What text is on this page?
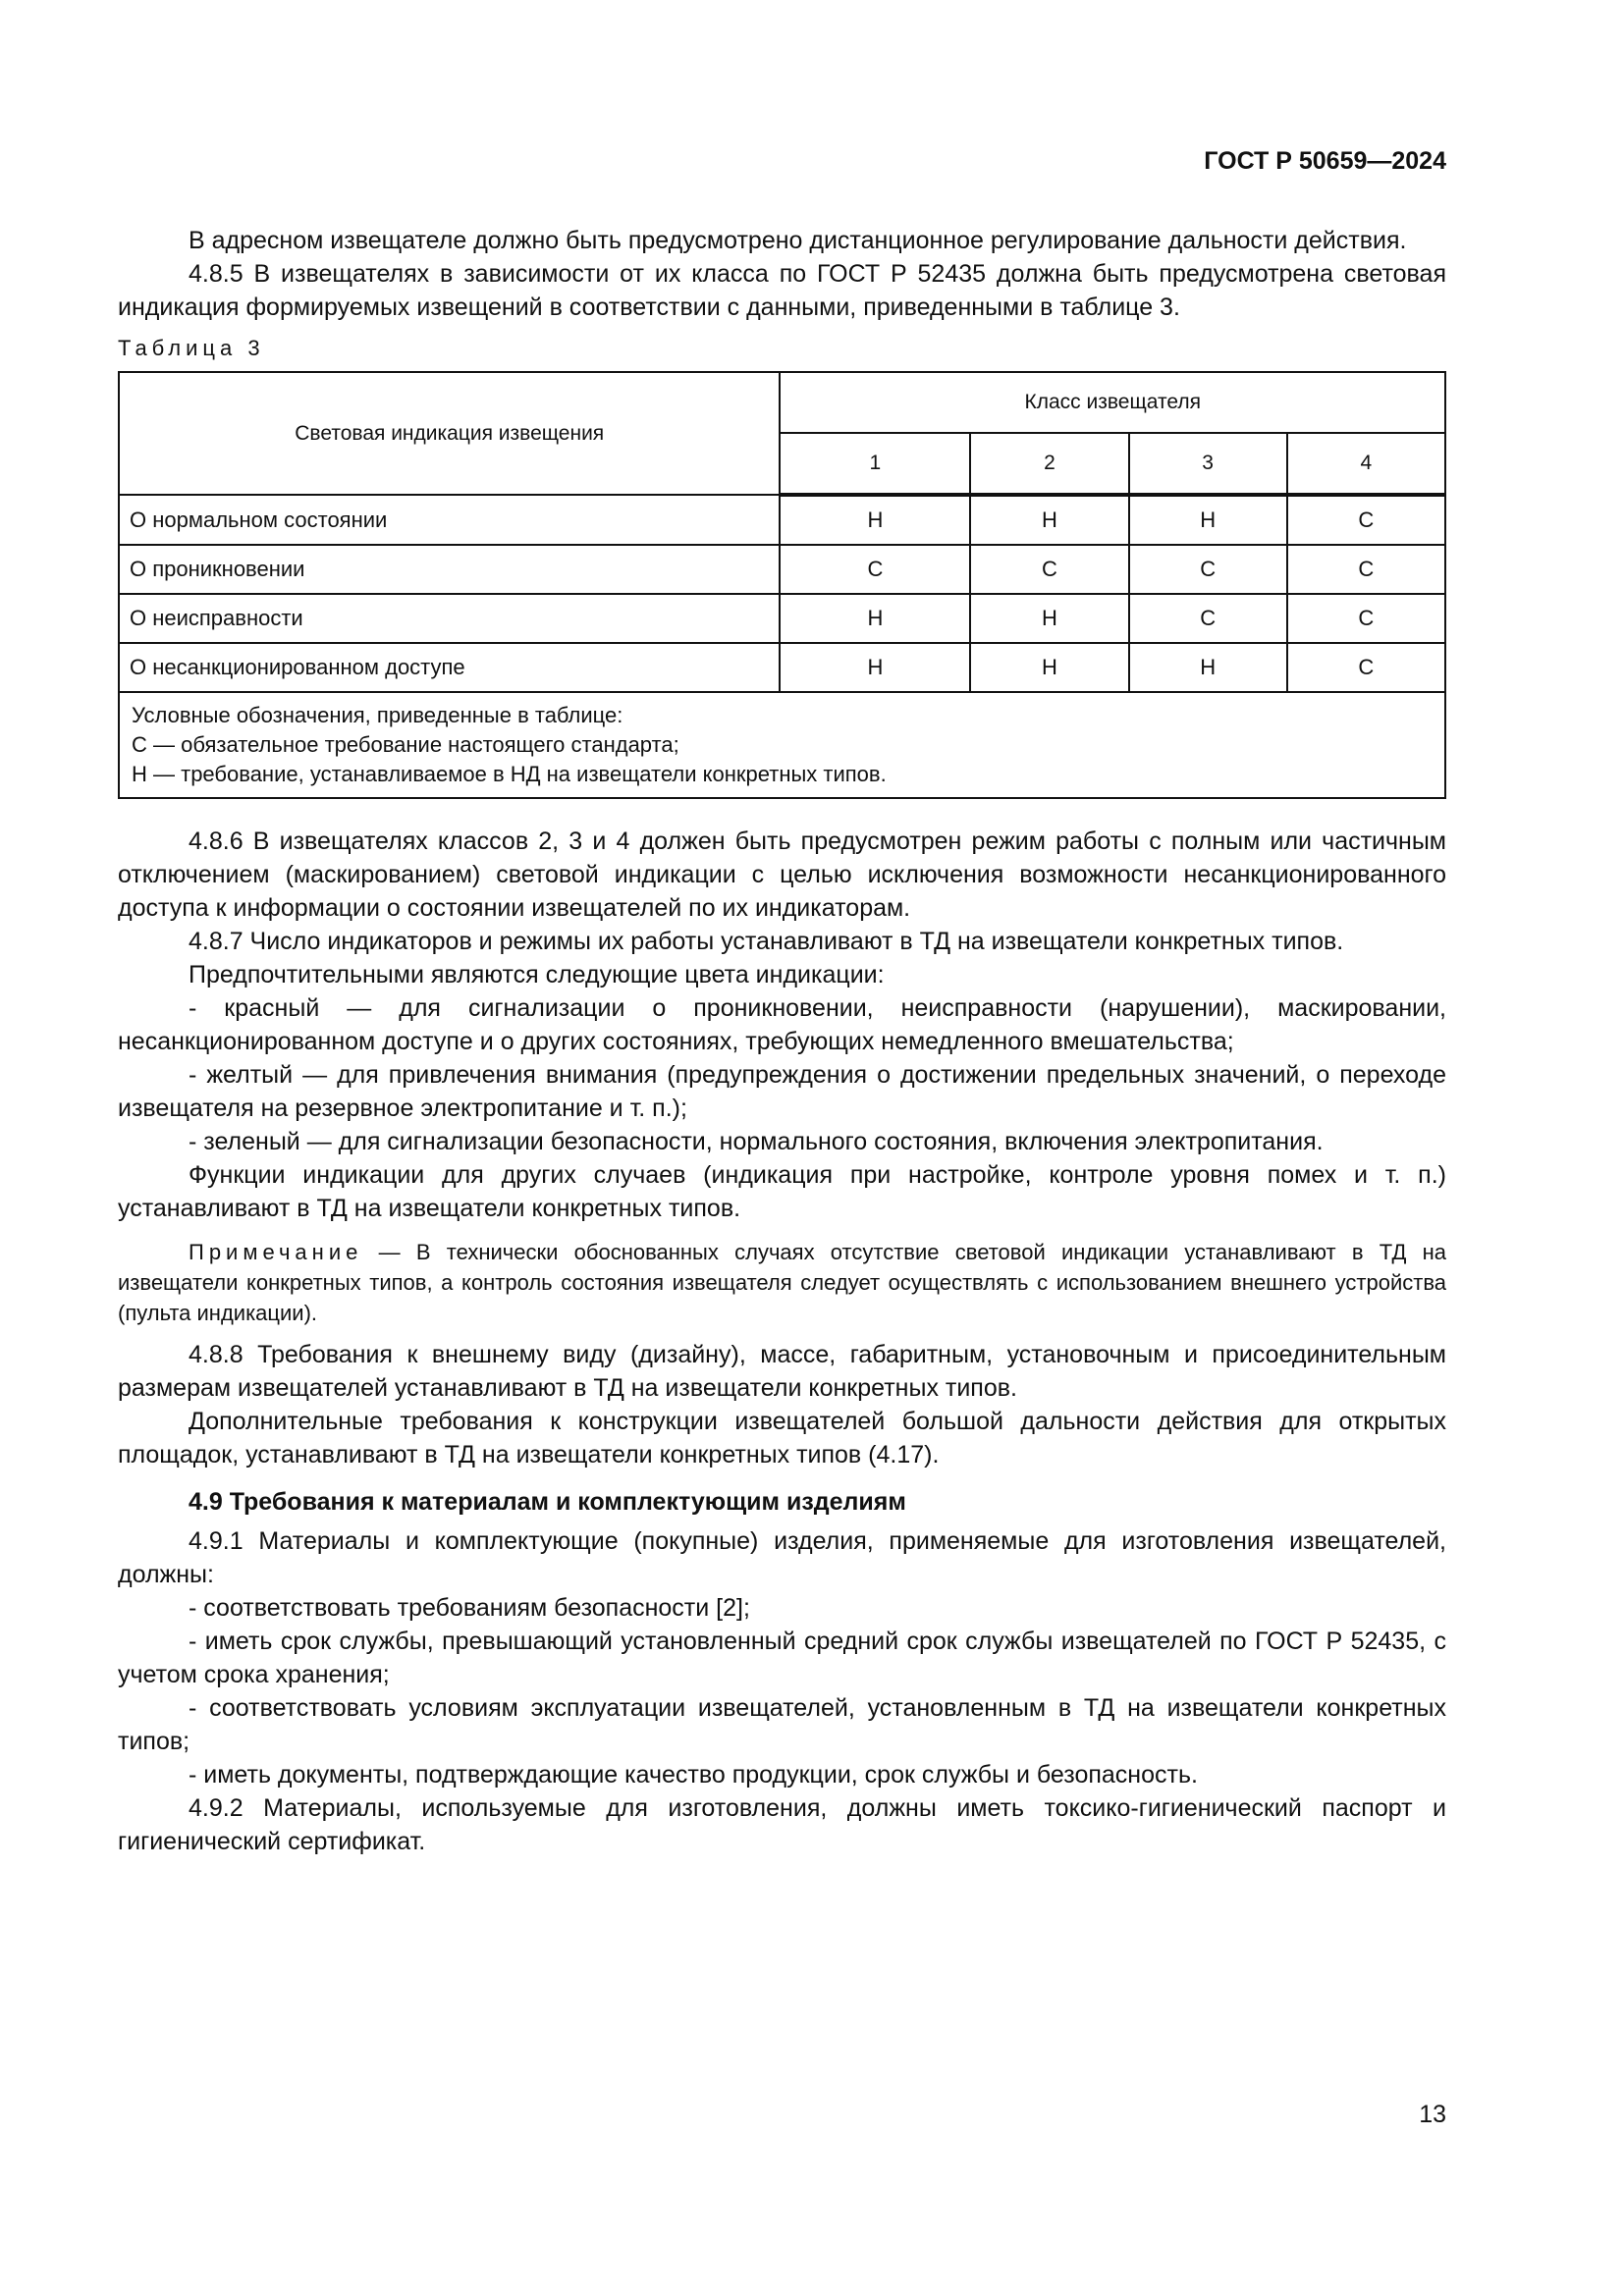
ГОСТ Р 50659—2024

В адресном извещателе должно быть предусмотрено дистанционное регулирование дальности действия.

4.8.5 В извещателях в зависимости от их класса по ГОСТ Р 52435 должна быть предусмотрена световая индикация формируемых извещений в соответствии с данными, приведенными в таблице 3.

Таблица 3
Световая индикация извещения	Класс извещателя			
	1	2	3	4
О нормальном состоянии	Н	Н	Н	С
О проникновении	С	С	С	С
О неисправности	Н	Н	С	С
О несанкционированном доступе	Н	Н	Н	С

Условные обозначения, приведенные в таблице:
С — обязательное требование настоящего стандарта;
Н — требование, устанавливаемое в НД на извещатели конкретных типов.				

4.8.6 В извещателях классов 2, 3 и 4 должен быть предусмотрен режим работы с полным или частичным отключением (маскированием) световой индикации с целью исключения возможности несанкционированного доступа к информации о состоянии извещателей по их индикаторам.

4.8.7 Число индикаторов и режимы их работы устанавливают в ТД на извещатели конкретных типов.

Предпочтительными являются следующие цвета индикации:

- красный — для сигнализации о проникновении, неисправности (нарушении), маскировании, несанкционированном доступе и о других состояниях, требующих немедленного вмешательства;

- желтый — для привлечения внимания (предупреждения о достижении предельных значений, о переходе извещателя на резервное электропитание и т. п.);

- зеленый — для сигнализации безопасности, нормального состояния, включения электропитания.

Функции индикации для других случаев (индикация при настройке, контроле уровня помех и т. п.) устанавливают в ТД на извещатели конкретных типов.

Примечание — В технически обоснованных случаях отсутствие световой индикации устанавливают в ТД на извещатели конкретных типов, а контроль состояния извещателя следует осуществлять с использованием внешнего устройства (пульта индикации).

4.8.8 Требования к внешнему виду (дизайну), массе, габаритным, установочным и присоединительным размерам извещателей устанавливают в ТД на извещатели конкретных типов.

Дополнительные требования к конструкции извещателей большой дальности действия для открытых площадок, устанавливают в ТД на извещатели конкретных типов (4.17).

4.9 Требования к материалам и комплектующим изделиям

4.9.1 Материалы и комплектующие (покупные) изделия, применяемые для изготовления извещателей, должны:

- соответствовать требованиям безопасности [2];

- иметь срок службы, превышающий установленный средний срок службы извещателей по ГОСТ Р 52435, с учетом срока хранения;

- соответствовать условиям эксплуатации извещателей, установленным в ТД на извещатели конкретных типов;

- иметь документы, подтверждающие качество продукции, срок службы и безопасность.

4.9.2 Материалы, используемые для изготовления, должны иметь токсико-гигиенический паспорт и гигиенический сертификат.

13
